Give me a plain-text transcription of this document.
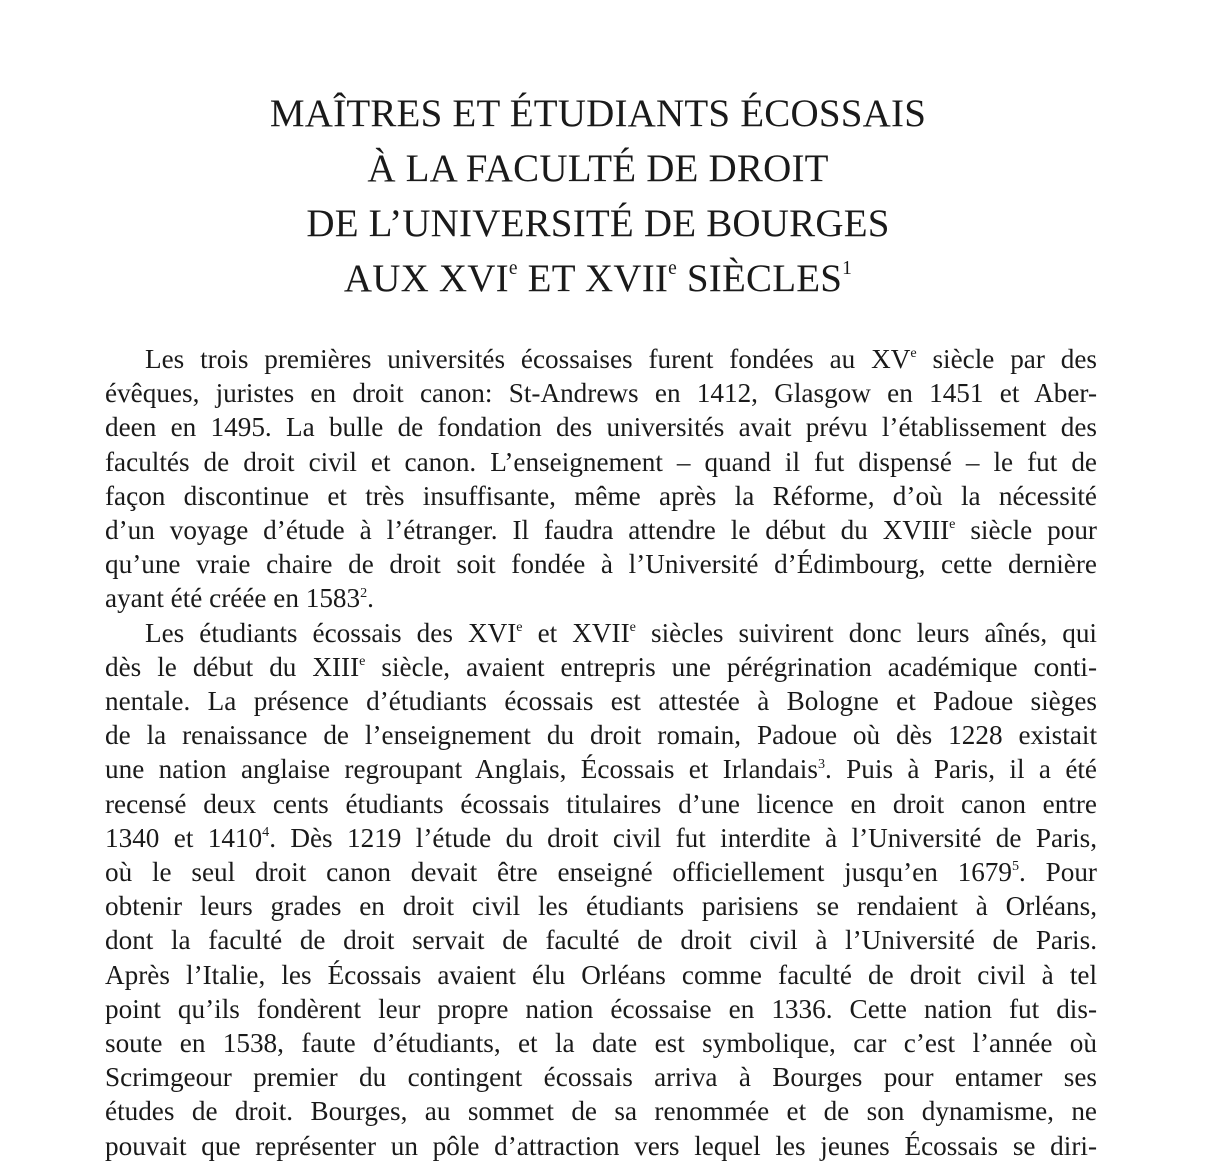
MAÎTRES ET ÉTUDIANTS ÉCOSSAIS
À LA FACULTÉ DE DROIT
DE L’UNIVERSITÉ DE BOURGES
AUX XVIe ET XVIIe SIÈCLES$^1$
Les trois premières universités écossaises furent fondées au XVe siècle par des
évêques, juristes en droit canon: St-Andrews en 1412, Glasgow en 1451 et Aber-
deen en 1495. La bulle de fondation des universités avait prévu l’établissement des
facultés de droit civil et canon. L’enseignement – quand il fut dispensé – le fut de
façon discontinue et très insuffisante, même après la Réforme, d’où la nécessité
d’un voyage d’étude à l’étranger. Il faudra attendre le début du XVIIIe siècle pour
qu’une vraie chaire de droit soit fondée à l’Université d’Édimbourg, cette dernière
ayant été créée en 1583$^2$.
Les étudiants écossais des XVIe et XVIIe siècles suivirent donc leurs aînés, qui
dès le début du XIIIe siècle, avaient entrepris une pérégrination académique conti-
nentale. La présence d’étudiants écossais est attestée à Bologne et Padoue sièges
de la renaissance de l’enseignement du droit romain, Padoue où dès 1228 existait
une nation anglaise regroupant Anglais, Écossais et Irlandais$^3$. Puis à Paris, il a été
recensé deux cents étudiants écossais titulaires d’une licence en droit canon entre
1340 et 1410$^4$. Dès 1219 l’étude du droit civil fut interdite à l’Université de Paris,
où le seul droit canon devait être enseigné officiellement jusqu’en 1679$^5$. Pour
obtenir leurs grades en droit civil les étudiants parisiens se rendaient à Orléans,
dont la faculté de droit servait de faculté de droit civil à l’Université de Paris.
Après l’Italie, les Écossais avaient élu Orléans comme faculté de droit civil à tel
point qu’ils fondèrent leur propre nation écossaise en 1336. Cette nation fut dis-
soute en 1538, faute d’étudiants, et la date est symbolique, car c’est l’année où
Scrimgeour premier du contingent écossais arriva à Bourges pour entamer ses
études de droit. Bourges, au sommet de sa renommée et de son dynamisme, ne
pouvait que représenter un pôle d’attraction vers lequel les jeunes Écossais se diri-
